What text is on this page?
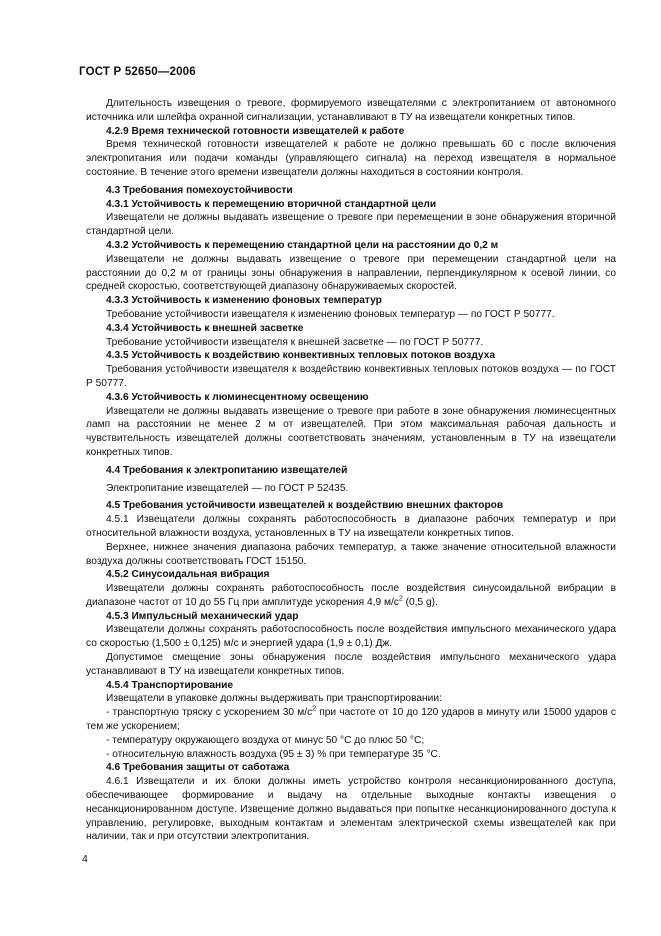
ГОСТ Р 52650—2006
Длительность извещения о тревоге, формируемого извещателями с электропитанием от автономного источника или шлейфа охранной сигнализации, устанавливают в ТУ на извещатели конкретных типов.
4.2.9 Время технической готовности извещателей к работе
Время технической готовности извещателей к работе не должно превышать 60 с после включения электропитания или подачи команды (управляющего сигнала) на переход извещателя в нормальное состояние. В течение этого времени извещатели должны находиться в состоянии контроля.
4.3 Требования помехоустойчивости
4.3.1 Устойчивость к перемещению вторичной стандартной цели
Извещатели не должны выдавать извещение о тревоге при перемещении в зоне обнаружения вторичной стандартной цели.
4.3.2 Устойчивость к перемещению стандартной цели на расстоянии до 0,2 м
Извещатели не должны выдавать извещение о тревоге при перемещении стандартной цели на расстоянии до 0,2 м от границы зоны обнаружения в направлении, перпендикулярном к осевой линии, со средней скоростью, соответствующей диапазону обнаруживаемых скоростей.
4.3.3 Устойчивость к изменению фоновых температур
Требование устойчивости извещателя к изменению фоновых температур — по ГОСТ Р 50777.
4.3.4 Устойчивость к внешней засветке
Требование устойчивости извещателя к внешней засветке — по ГОСТ Р 50777.
4.3.5 Устойчивость к воздействию конвективных тепловых потоков воздуха
Требования устойчивости извещателя к воздействию конвективных тепловых потоков воздуха — по ГОСТ Р 50777.
4.3.6 Устойчивость к люминесцентному освещению
Извещатели не должны выдавать извещение о тревоге при работе в зоне обнаружения люминесцентных ламп на расстоянии не менее 2 м от извещателей. При этом максимальная рабочая дальность и чувствительность извещателей должны соответствовать значениям, установленным в ТУ на извещатели конкретных типов.
4.4 Требования к электропитанию извещателей
Электропитание извещателей — по ГОСТ Р 52435.
4.5 Требования устойчивости извещателей к воздействию внешних факторов
4.5.1 Извещатели должны сохранять работоспособность в диапазоне рабочих температур и при относительной влажности воздуха, установленных в ТУ на извещатели конкретных типов.
Верхнее, нижнее значения диапазона рабочих температур, а также значение относительной влажности воздуха должны соответствовать ГОСТ 15150.
4.5.2 Синусоидальная вибрация
Извещатели должны сохранять работоспособность после воздействия синусоидальной вибрации в диапазоне частот от 10 до 55 Гц при амплитуде ускорения 4,9 $м/с^2$ (0,5 g).
4.5.3 Импульсный механический удар
Извещатели должны сохранять работоспособность после воздействия импульсного механического удара со скоростью (1,500 ± 0,125) м/с и энергией удара (1,9 ± 0,1) Дж.
Допустимое смещение зоны обнаружения после воздействия импульсного механического удара устанавливают в ТУ на извещатели конкретных типов.
4.5.4 Транспортирование
Извещатели в упаковке должны выдерживать при транспортировании:
- транспортную тряску с ускорением 30 $м/с^2$ при частоте от 10 до 120 ударов в минуту или 15000 ударов с тем же ускорением;
- температуру окружающего воздуха от минус 50 °С до плюс 50 °С;
- относительную влажность воздуха (95 ± 3) % при температуре 35 °С.
4.6 Требования защиты от саботажа
4.6.1 Извещатели и их блоки должны иметь устройство контроля несанкционированного доступа, обеспечивающее формирование и выдачу на отдельные выходные контакты извещения о несанкционированном доступе. Извещение должно выдаваться при попытке несанкционированного доступа к управлению, регулировке, выходным контактам и элементам электрической схемы извещателей как при наличии, так и при отсутствии электропитания.
4
